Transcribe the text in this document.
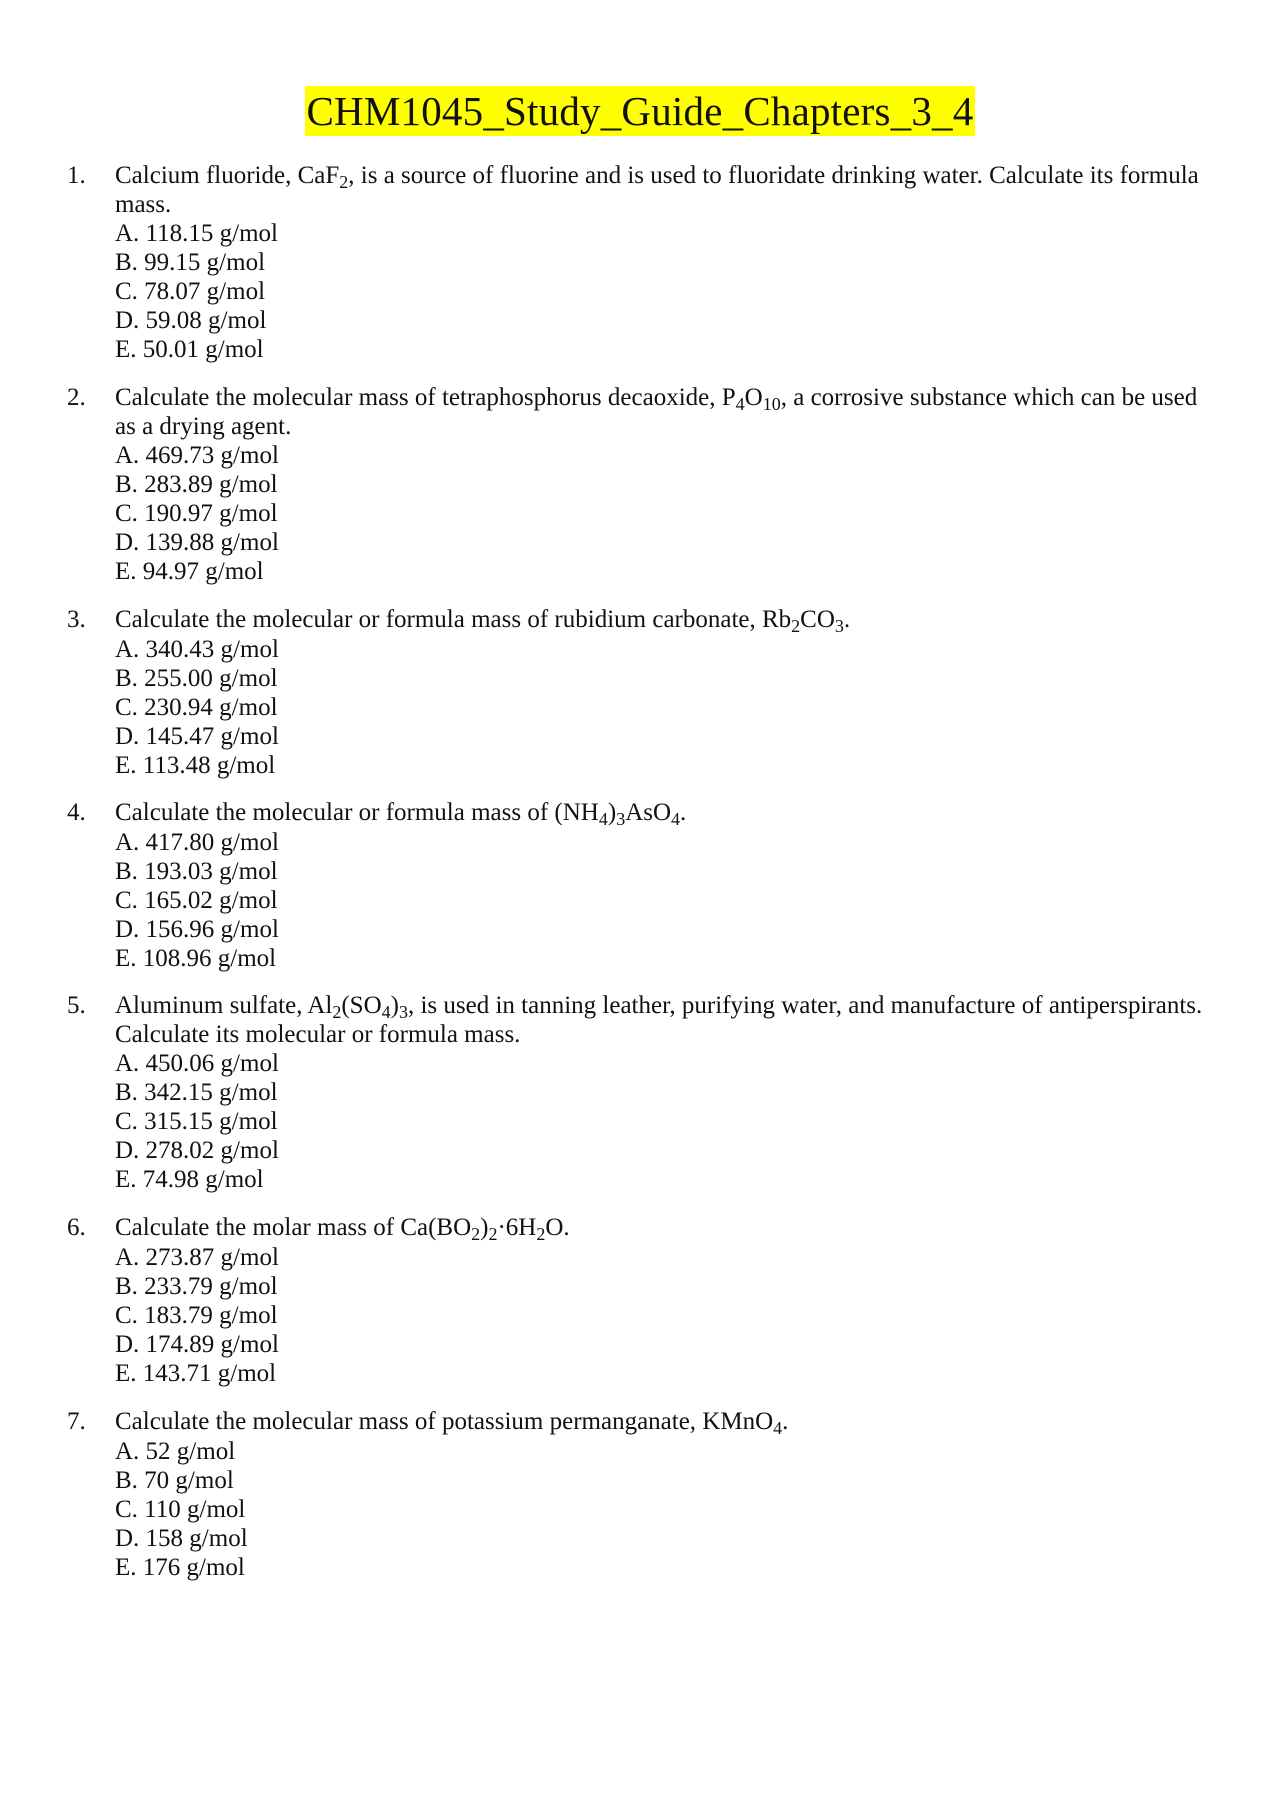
CHM1045_Study_Guide_Chapters_3_4
1.	Calcium fluoride, CaF$_2$, is a source of fluorine and is used to fluoridate drinking water. Calculate its formula mass.
A. 118.15 g/mol
B. 99.15 g/mol
C. 78.07 g/mol
D. 59.08 g/mol
E. 50.01 g/mol
2.	Calculate the molecular mass of tetraphosphorus decaoxide, $P_4O_{10}$, a corrosive substance which can be used as a drying agent.
A. 469.73 g/mol
B. 283.89 g/mol
C. 190.97 g/mol
D. 139.88 g/mol
E. 94.97 g/mol
3.	Calculate the molecular or formula mass of rubidium carbonate, $Rb_2CO_3$.
A. 340.43 g/mol
B. 255.00 g/mol
C. 230.94 g/mol
D. 145.47 g/mol
E. 113.48 g/mol
4.	Calculate the molecular or formula mass of $(NH_4)_3AsO_4$.
A. 417.80 g/mol
B. 193.03 g/mol
C. 165.02 g/mol
D. 156.96 g/mol
E. 108.96 g/mol
5.	Aluminum sulfate, $Al_2(SO_4)_3$, is used in tanning leather, purifying water, and manufacture of antiperspirants. Calculate its molecular or formula mass.
A. 450.06 g/mol
B. 342.15 g/mol
C. 315.15 g/mol
D. 278.02 g/mol
E. 74.98 g/mol
6.	Calculate the molar mass of $Ca(BO_2)_2\cdot 6H_2O$.
A. 273.87 g/mol
B. 233.79 g/mol
C. 183.79 g/mol
D. 174.89 g/mol
E. 143.71 g/mol
7.	Calculate the molecular mass of potassium permanganate, KMnO$_4$.
A. 52 g/mol
B. 70 g/mol
C. 110 g/mol
D. 158 g/mol
E. 176 g/mol
